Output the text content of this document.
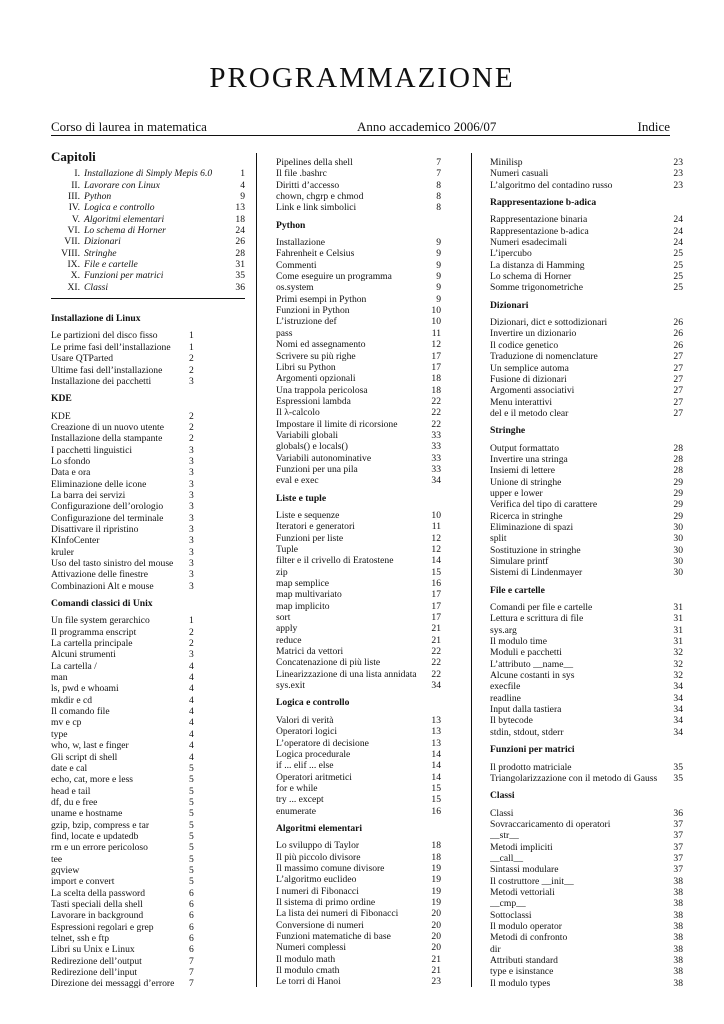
PROGRAMMAZIONE
Corso di laurea in matematica	Anno accademico 2006/07	Indice
Capitoli
I. Installazione di Simply Mepis 6.0	1
II. Lavorare con Linux	4
III. Python	9
IV. Logica e controllo	13
V. Algoritmi elementari	18
VI. Lo schema di Horner	24
VII. Dizionari	26
VIII. Stringhe	28
IX. File e cartelle	31
X. Funzioni per matrici	35
XI. Classi	36
Installazione di Linux
Le partizioni del disco fisso	1
Le prime fasi dell’installazione	1
Usare QTParted	2
Ultime fasi dell’installazione	2
Installazione dei pacchetti	3
KDE
KDE	2
Creazione di un nuovo utente	2
Installazione della stampante	2
I pacchetti linguistici	3
Lo sfondo	3
Data e ora	3
Eliminazione delle icone	3
La barra dei servizi	3
Configurazione dell’orologio	3
Configurazione del terminale	3
Disattivare il ripristino	3
KInfoCenter	3
kruler	3
Uso del tasto sinistro del mouse	3
Attivazione delle finestre	3
Combinazioni Alt e mouse	3
Comandi classici di Unix
Un file system gerarchico	1
Il programma enscript	2
La cartella principale	2
Alcuni strumenti	3
La cartella /	4
man	4
ls, pwd e whoami	4
mkdir e cd	4
Il comando file	4
mv e cp	4
type	4
who, w, last e finger	4
Gli script di shell	4
date e cal	5
echo, cat, more e less	5
head e tail	5
df, du e free	5
uname e hostname	5
gzip, bzip, compress e tar	5
find, locate e updatedb	5
rm e un errore pericoloso	5
tee	5
gqview	5
import e convert	5
La scelta della password	6
Tasti speciali della shell	6
Lavorare in background	6
Espressioni regolari e grep	6
telnet, ssh e ftp	6
Libri su Unix e Linux	6
Redirezione dell’output	7
Redirezione dell’input	7
Direzione dei messaggi d’errore	7
Pipelines della shell	7
Il file .bashrc	7
Diritti d’accesso	8
chown, chgrp e chmod	8
Link e link simbolici	8
Python
Installazione	9
Fahrenheit e Celsius	9
Commenti	9
Come eseguire un programma	9
os.system	9
Primi esempi in Python	9
Funzioni in Python	10
L’istruzione def	10
pass	11
Nomi ed assegnamento	12
Scrivere su più righe	17
Libri su Python	17
Argomenti opzionali	18
Una trappola pericolosa	18
Espressioni lambda	22
Il λ-calcolo	22
Impostare il limite di ricorsione	22
Variabili globali	33
globals() e locals()	33
Variabili autonominative	33
Funzioni per una pila	33
eval e exec	34
Liste e tuple
Liste e sequenze	10
Iteratori e generatori	11
Funzioni per liste	12
Tuple	12
filter e il crivello di Eratostene	14
zip	15
map semplice	16
map multivariato	17
map implicito	17
sort	17
apply	21
reduce	21
Matrici da vettori	22
Concatenazione di più liste	22
Linearizzazione di una lista annidata	22
sys.exit	34
Logica e controllo
Valori di verità	13
Operatori logici	13
L’operatore di decisione	13
Logica procedurale	14
if ... elif ... else	14
Operatori aritmetici	14
for e while	15
try ... except	15
enumerate	16
Algoritmi elementari
Lo sviluppo di Taylor	18
Il più piccolo divisore	18
Il massimo comune divisore	19
L’algoritmo euclideo	19
I numeri di Fibonacci	19
Il sistema di primo ordine	19
La lista dei numeri di Fibonacci	20
Conversione di numeri	20
Funzioni matematiche di base	20
Numeri complessi	20
Il modulo math	21
Il modulo cmath	21
Le torri di Hanoi	23
Minilisp	23
Numeri casuali	23
L’algoritmo del contadino russo	23
Rappresentazione b-adica
Rappresentazione binaria	24
Rappresentazione b-adica	24
Numeri esadecimali	24
L’ipercubo	25
La distanza di Hamming	25
Lo schema di Horner	25
Somme trigonometriche	25
Dizionari
Dizionari, dict e sottodizionari	26
Invertire un dizionario	26
Il codice genetico	26
Traduzione di nomenclature	27
Un semplice automa	27
Fusione di dizionari	27
Argomenti associativi	27
Menu interattivi	27
del e il metodo clear	27
Stringhe
Output formattato	28
Invertire una stringa	28
Insiemi di lettere	28
Unione di stringhe	29
upper e lower	29
Verifica del tipo di carattere	29
Ricerca in stringhe	29
Eliminazione di spazi	30
split	30
Sostituzione in stringhe	30
Simulare printf	30
Sistemi di Lindenmayer	30
File e cartelle
Comandi per file e cartelle	31
Lettura e scrittura di file	31
sys.arg	31
Il modulo time	31
Moduli e pacchetti	32
L’attributo __name__	32
Alcune costanti in sys	32
execfile	34
readline	34
Input dalla tastiera	34
Il bytecode	34
stdin, stdout, stderr	34
Funzioni per matrici
Il prodotto matriciale	35
Triangolarizzazione con il metodo di Gauss	35
Classi
Classi	36
Sovraccaricamento di operatori	37
__str__	37
Metodi impliciti	37
__call__	37
Sintassi modulare	37
Il costruttore __init__	38
Metodi vettoriali	38
__cmp__	38
Sottoclassi	38
Il modulo operator	38
Metodi di confronto	38
dir	38
Attributi standard	38
type e isinstance	38
Il modulo types	38
